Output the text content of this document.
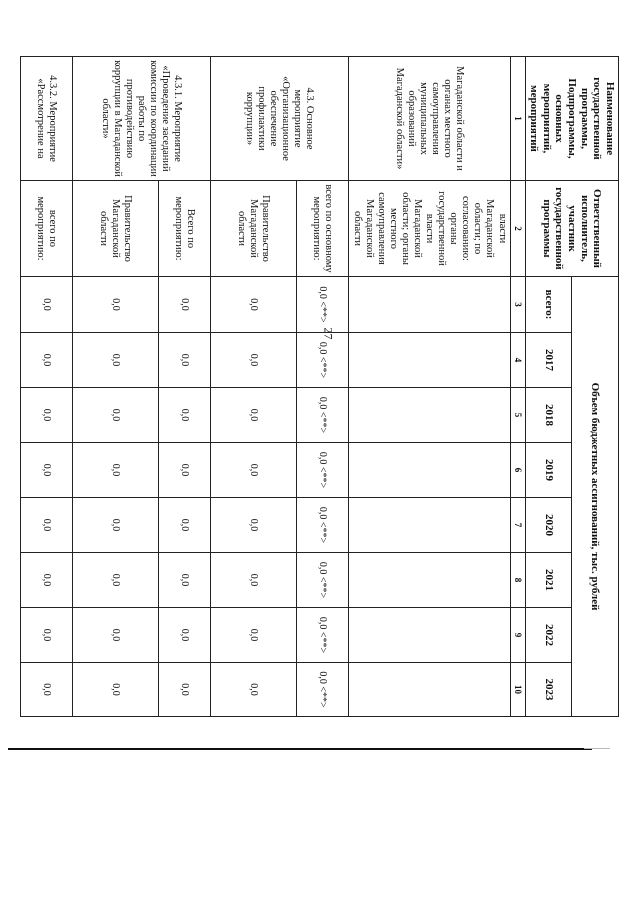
27
Наименование государственной программы, Подпрограммы, основных мероприятий, мероприятий	Ответственный исполнитель, участник государственной программы	Объем бюджетных ассигнований, тыс. рублей							
		всего:	2017	2018	2019	2020	2021	2022	2023
1	2	3	4	5	6	7	8	9	10
Магаданской области и органах местного самоуправления муниципальных образований Магаданской области»	власти Магаданской области; по согласованию: органы государственной власти Магаданской области; органы местного самоуправления Магаданской области								
4.3. Основное мероприятие «Организационное обеспечение профилактики коррупции»	всего по основному мероприятию:	0,0 <**>	0,0 <**>	0,0 <**>	0,0 <**>	0,0 <**>	0,0 <**>	0,0 <**>	0,0 <**>
	Правительство Магаданской области	0,0	0,0	0,0	0,0	0,0	0,0	0,0	0,0
4.3.1. Мероприятие «Проведение заседаний комиссии по координации работы по противодействию коррупции в Магаданской области»	Всего по мероприятию:	0,0	0,0	0,0	0,0	0,0	0,0	0,0	0,0
	Правительство Магаданской области	0,0	0,0	0,0	0,0	0,0	0,0	0,0	0,0
4.3.2. Мероприятие «Рассмотрение на	всего по мероприятию:	0,0	0,0	0,0	0,0	0,0	0,0	0,0	0,0
